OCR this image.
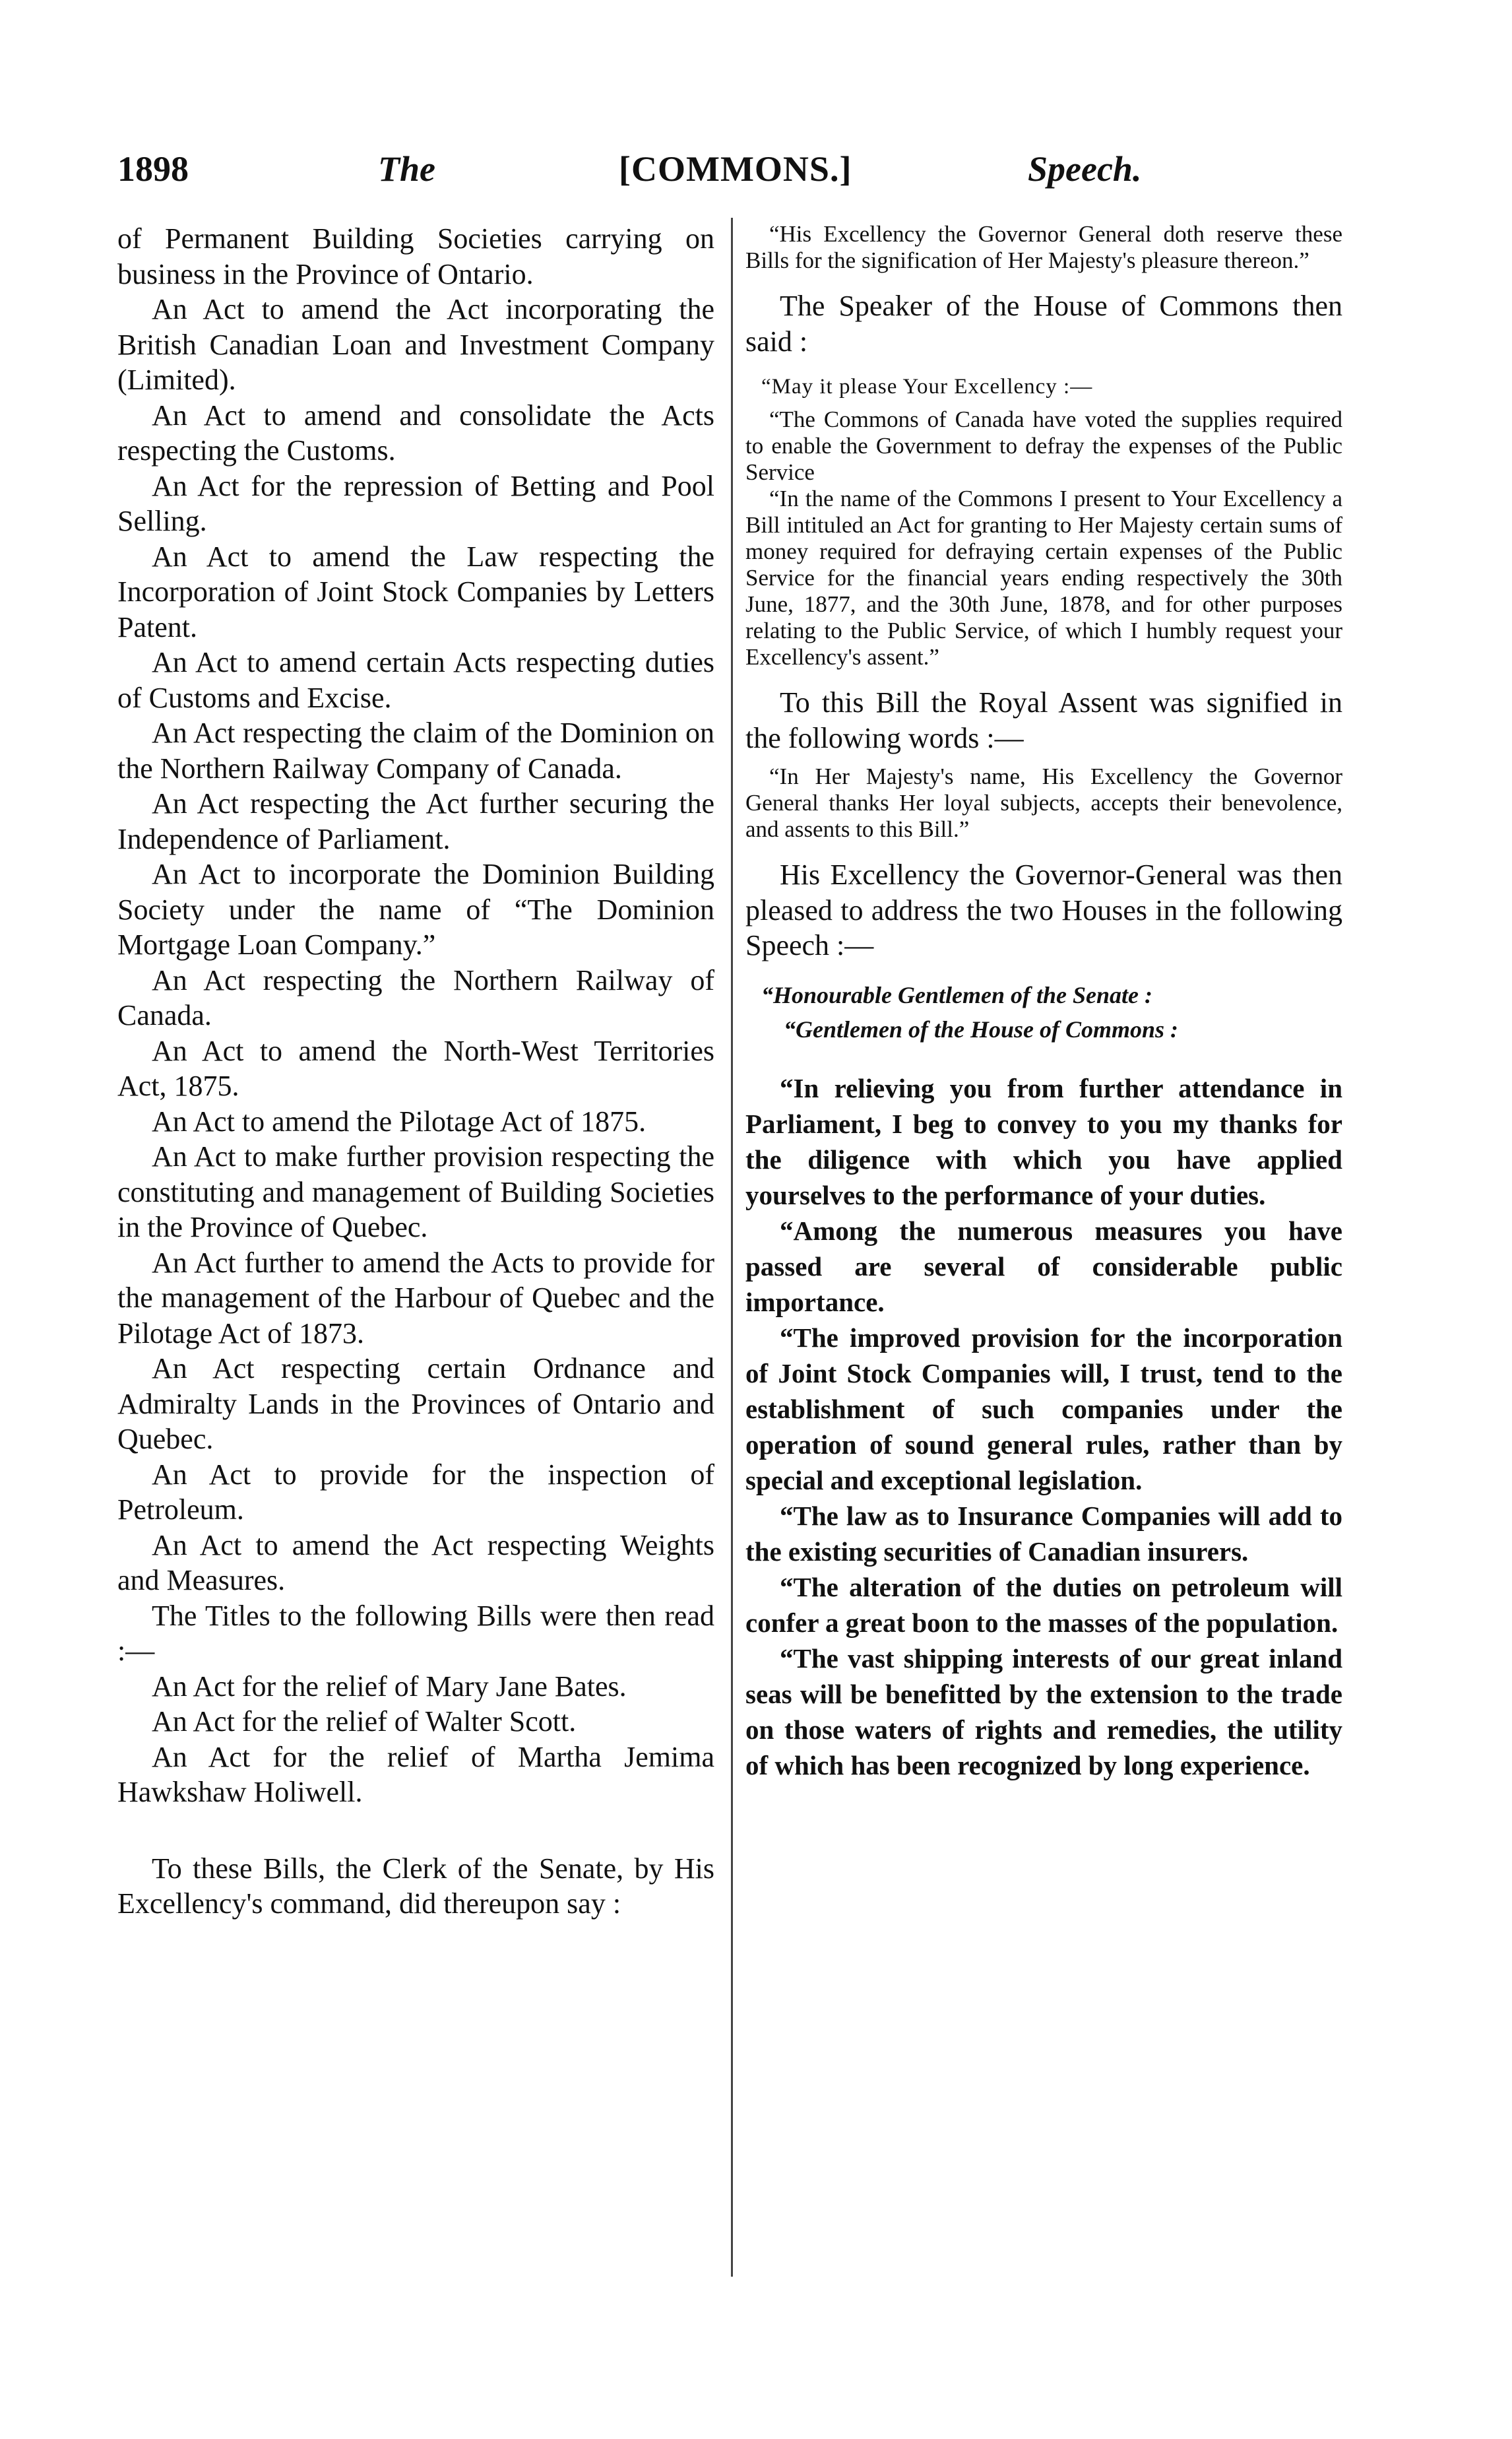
1898	The	[COMMONS.]	Speech.

of Permanent Building Societies carrying on business in the Province of Ontario.

An Act to amend the Act incorporating the British Canadian Loan and Investment Company (Limited).

An Act to amend and consolidate the Acts respecting the Customs.

An Act for the repression of Betting and Pool Selling.

An Act to amend the Law respecting the Incorporation of Joint Stock Companies by Letters Patent.

An Act to amend certain Acts respecting duties of Customs and Excise.

An Act respecting the claim of the Dominion on the Northern Railway Company of Canada.

An Act respecting the Act further securing the Independence of Parliament.

An Act to incorporate the Dominion Building Society under the name of “The Dominion Mortgage Loan Company.”

An Act respecting the Northern Railway of Canada.

An Act to amend the North-West Territories Act, 1875.

An Act to amend the Pilotage Act of 1875.

An Act to make further provision respecting the constituting and management of Building Societies in the Province of Quebec.

An Act further to amend the Acts to provide for the management of the Harbour of Quebec and the Pilotage Act of 1873.

An Act respecting certain Ordnance and Admiralty Lands in the Provinces of Ontario and Quebec.

An Act to provide for the inspection of Petroleum.

An Act to amend the Act respecting Weights and Measures.

The Titles to the following Bills were then read :—

An Act for the relief of Mary Jane Bates.

An Act for the relief of Walter Scott.

An Act for the relief of Martha Jemima Hawkshaw Holiwell.

To these Bills, the Clerk of the Senate, by His Excellency's command, did thereupon say :

“His Excellency the Governor General doth reserve these Bills for the signification of Her Majesty's pleasure thereon.”

The Speaker of the House of Commons then said :

“May it please Your Excellency :—

“The Commons of Canada have voted the supplies required to enable the Government to defray the expenses of the Public Service

“In the name of the Commons I present to Your Excellency a Bill intituled an Act for granting to Her Majesty certain sums of money required for defraying certain expenses of the Public Service for the financial years ending respectively the 30th June, 1877, and the 30th June, 1878, and for other purposes relating to the Public Service, of which I humbly request your Excellency's assent.”

To this Bill the Royal Assent was signified in the following words :—

“In Her Majesty's name, His Excellency the Governor General thanks Her loyal subjects, accepts their benevolence, and assents to this Bill.”

His Excellency the Governor-General was then pleased to address the two Houses in the following Speech :—

“Honourable Gentlemen of the Senate :

“Gentlemen of the House of Commons :

“In relieving you from further attendance in Parliament, I beg to convey to you my thanks for the diligence with which you have applied yourselves to the performance of your duties.

“Among the numerous measures you have passed are several of considerable public importance.

“The improved provision for the incorporation of Joint Stock Companies will, I trust, tend to the establishment of such companies under the operation of sound general rules, rather than by special and exceptional legislation.

“The law as to Insurance Companies will add to the existing securities of Canadian insurers.

“The alteration of the duties on petroleum will confer a great boon to the masses of the population.

“The vast shipping interests of our great inland seas will be benefitted by the extension to the trade on those waters of rights and remedies, the utility of which has been recognized by long experience.
